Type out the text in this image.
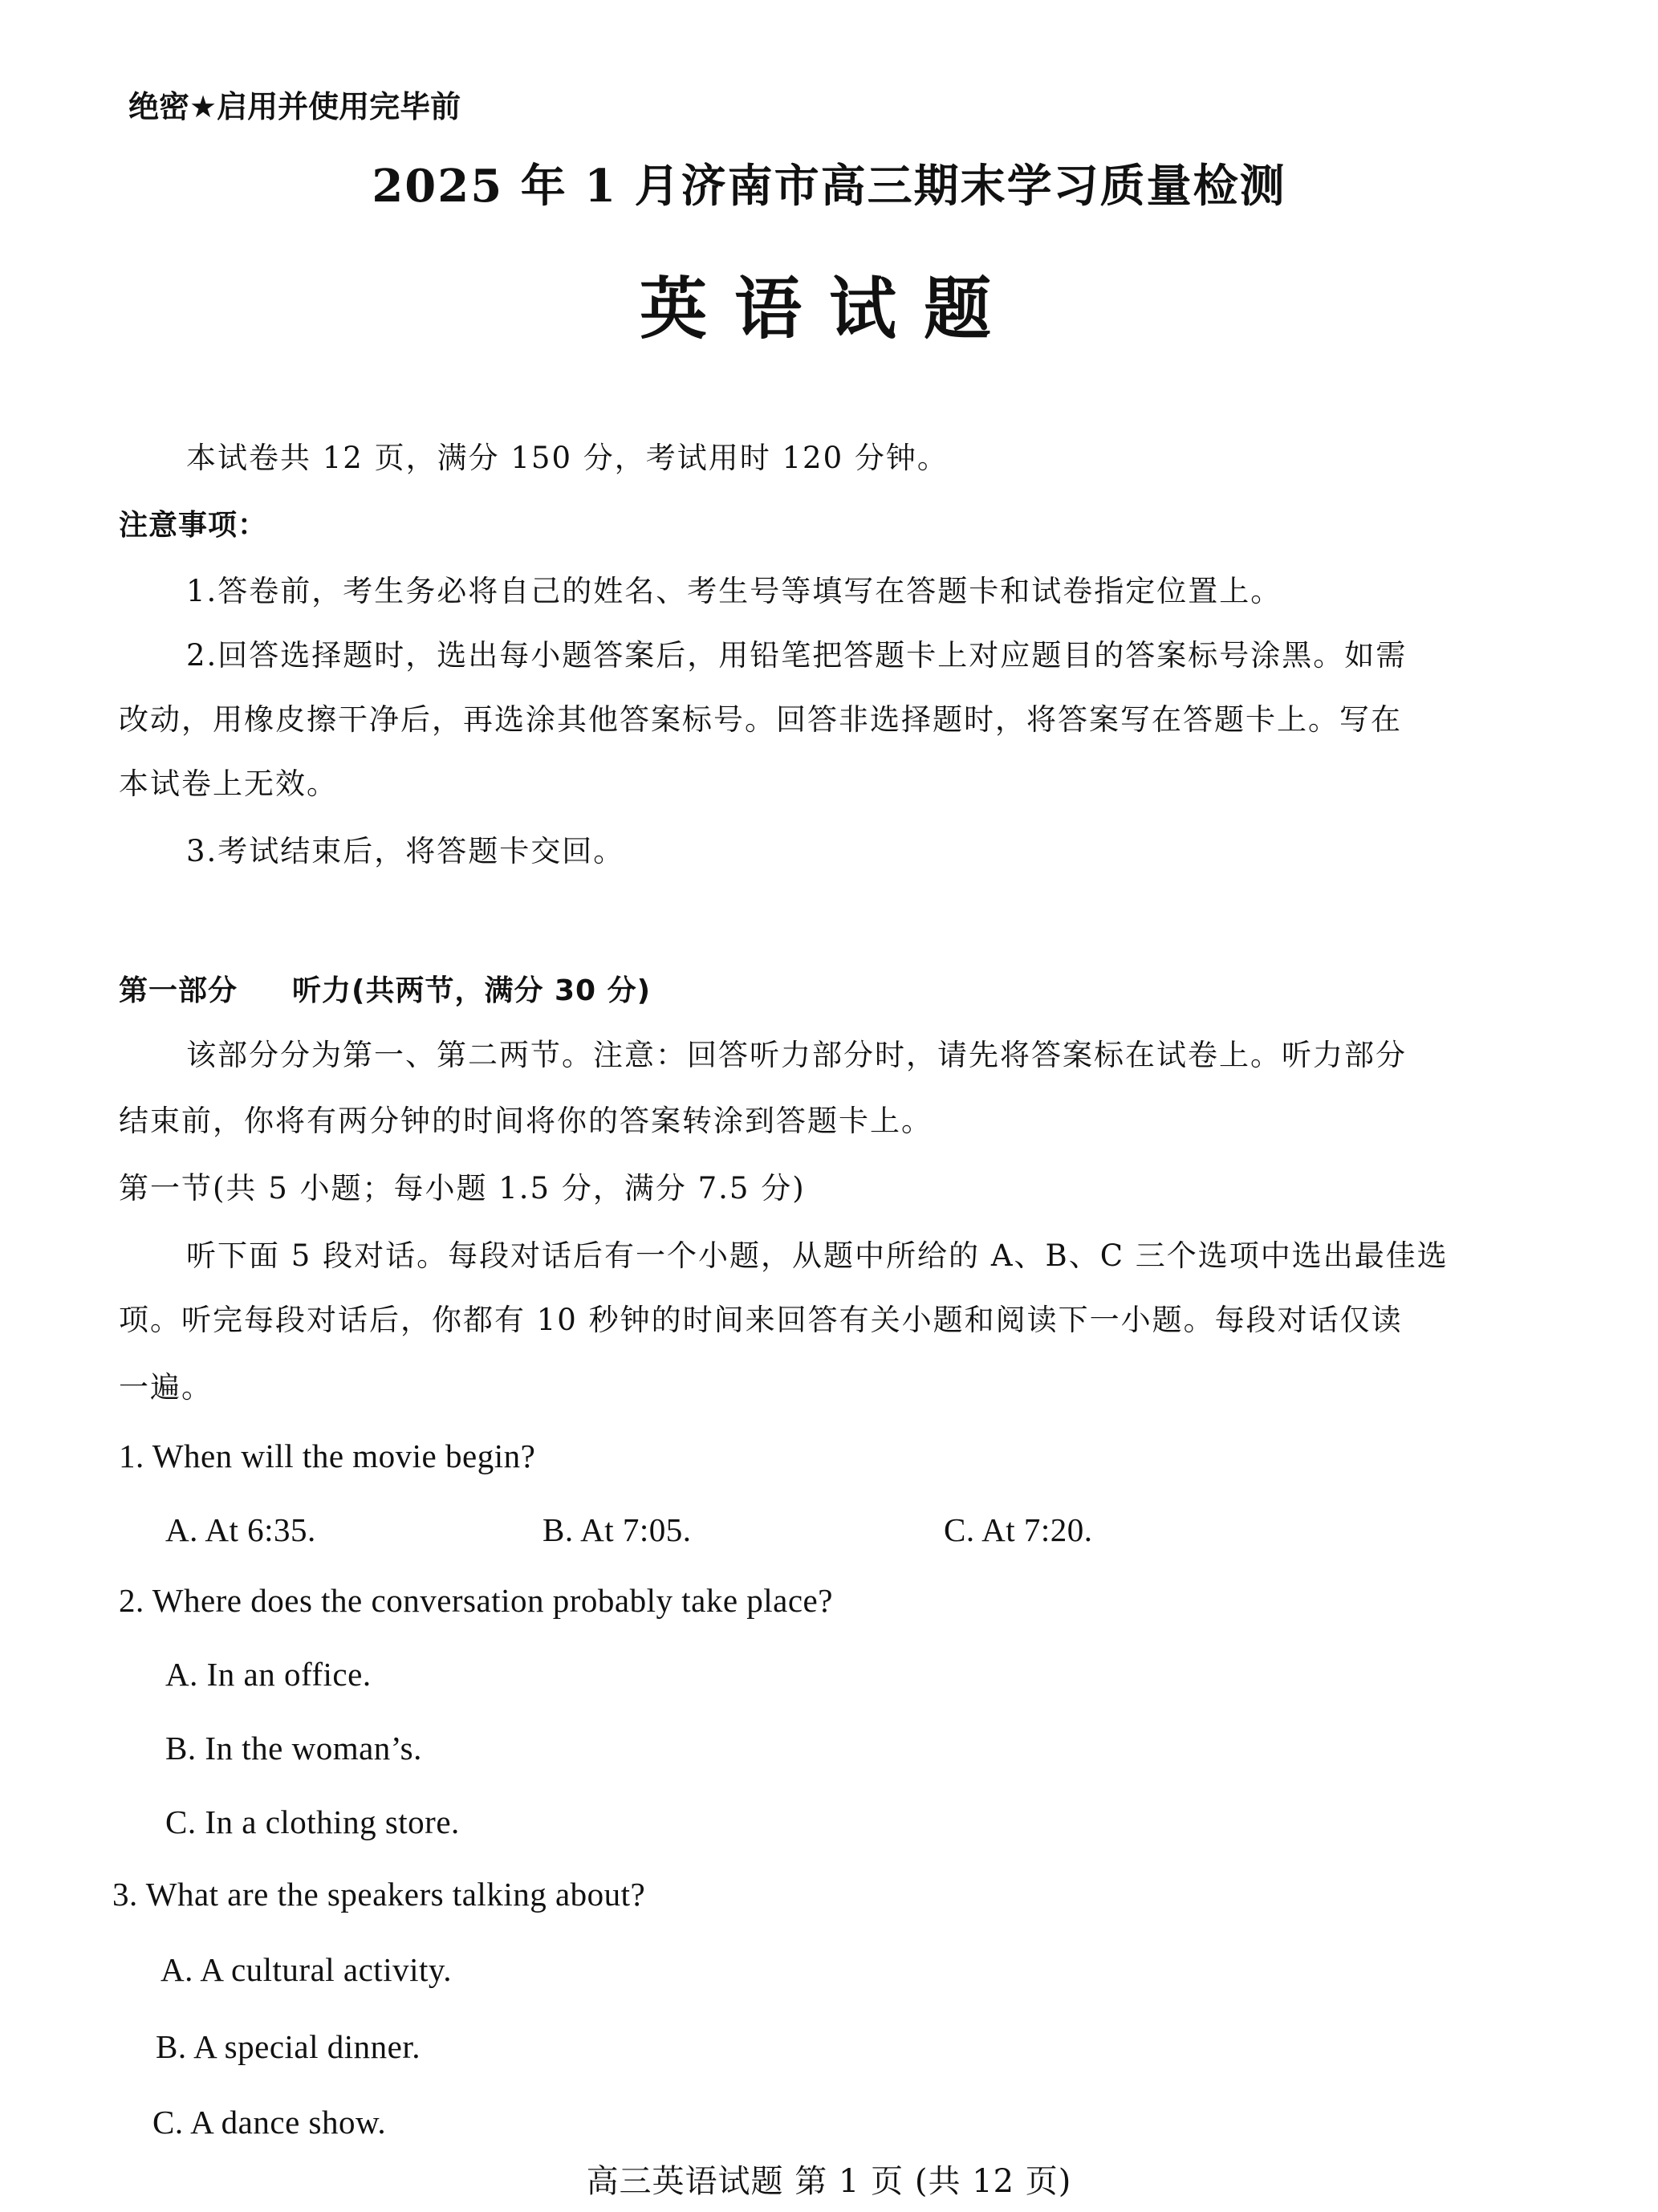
绝密★启用并使用完毕前
2025 年 1 月济南市高三期末学习质量检测
英语试题
本试卷共 12 页，满分 150 分，考试用时 120 分钟。
注意事项：
1.答卷前，考生务必将自己的姓名、考生号等填写在答题卡和试卷指定位置上。
2.回答选择题时，选出每小题答案后，用铅笔把答题卡上对应题目的答案标号涂黑。如需
改动，用橡皮擦干净后，再选涂其他答案标号。回答非选择题时，将答案写在答题卡上。写在
本试卷上无效。
3.考试结束后，将答题卡交回。
第一部分 听力(共两节，满分 30 分)
该部分分为第一、第二两节。注意：回答听力部分时，请先将答案标在试卷上。听力部分
结束前，你将有两分钟的时间将你的答案转涂到答题卡上。
第一节(共 5 小题；每小题 1.5 分，满分 7.5 分)
听下面 5 段对话。每段对话后有一个小题，从题中所给的 A、B、C 三个选项中选出最佳选
项。听完每段对话后，你都有 10 秒钟的时间来回答有关小题和阅读下一小题。每段对话仅读
一遍。
1. When will the movie begin?
A. At 6:35.	B. At 7:05.	C. At 7:20.
2. Where does the conversation probably take place?
A. In an office.
B. In the woman’s.
C. In a clothing store.
3. What are the speakers talking about?
A. A cultural activity.
B. A special dinner.
C. A dance show.
高三英语试题 第 1 页 (共 12 页)
